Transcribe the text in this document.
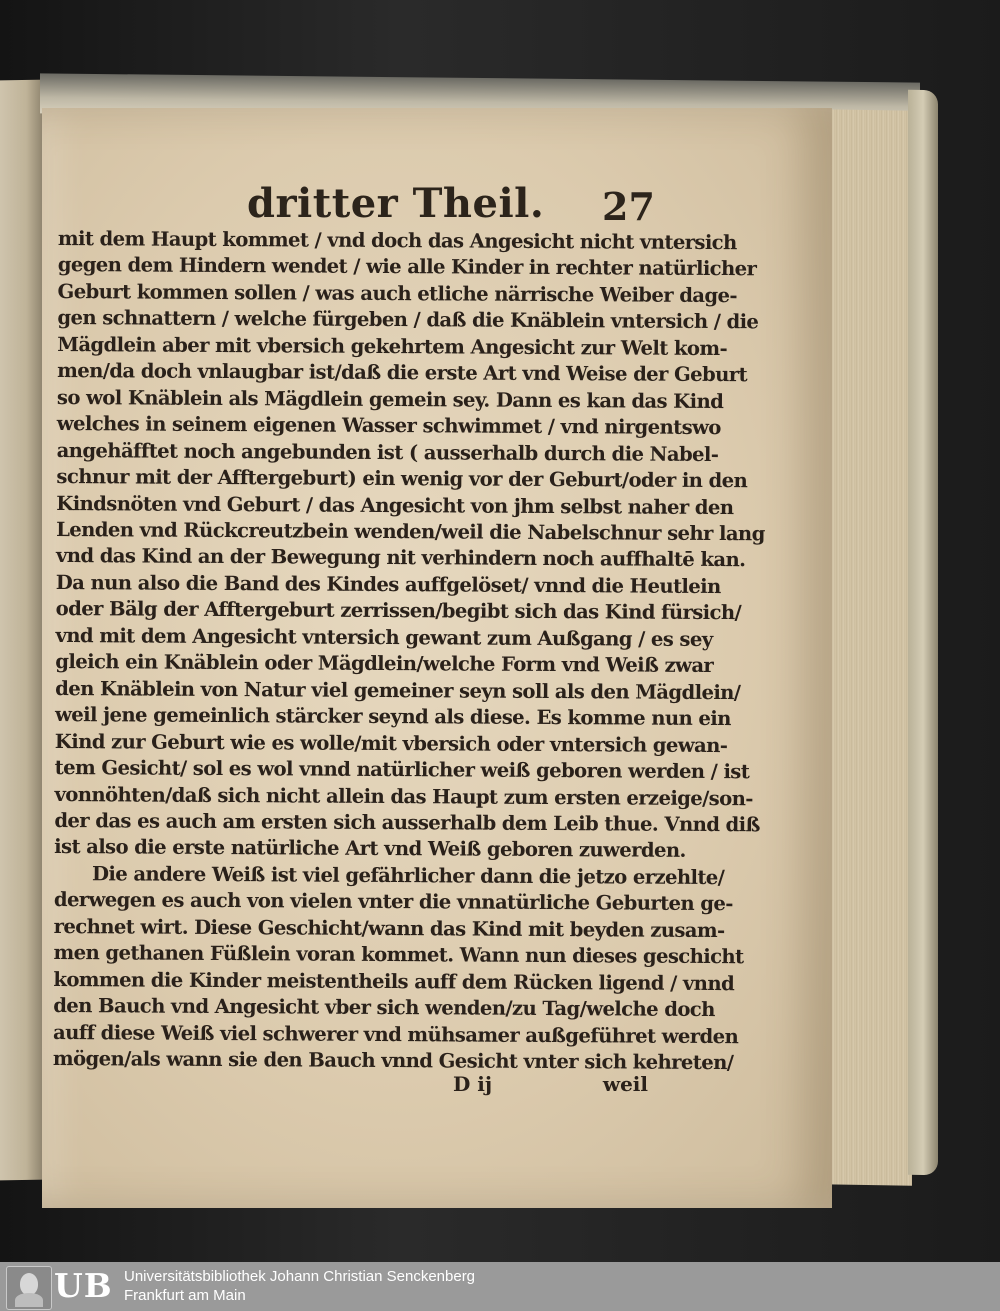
dritter Theil. 27
mit dem Haupt kommet / vnd doch das Angesicht nicht vntersich
gegen dem Hindern wendet / wie alle Kinder in rechter natürlicher
Geburt kommen sollen / was auch etliche närrische Weiber dage-
gen schnattern / welche fürgeben / daß die Knäblein vntersich / die
Mägdlein aber mit vbersich gekehrtem Angesicht zur Welt kom-
men/da doch vnlaugbar ist/daß die erste Art vnd Weise der Geburt
so wol Knäblein als Mägdlein gemein sey. Dann es kan das Kind
welches in seinem eigenen Wasser schwimmet / vnd nirgentswo
angehäfftet noch angebunden ist ( ausserhalb durch die Nabel-
schnur mit der Afftergeburt) ein wenig vor der Geburt/oder in den
Kindsnöten vnd Geburt / das Angesicht von jhm selbst naher den
Lenden vnd Rückcreutzbein wenden/weil die Nabelschnur sehr lang
vnd das Kind an der Bewegung nit verhindern noch auffhaltē kan.
Da nun also die Band des Kindes auffgelöset/ vnnd die Heutlein
oder Bälg der Afftergeburt zerrissen/begibt sich das Kind fürsich/
vnd mit dem Angesicht vntersich gewant zum Außgang / es sey
gleich ein Knäblein oder Mägdlein/welche Form vnd Weiß zwar
den Knäblein von Natur viel gemeiner seyn soll als den Mägdlein/
weil jene gemeinlich stärcker seynd als diese. Es komme nun ein
Kind zur Geburt wie es wolle/mit vbersich oder vntersich gewan-
tem Gesicht/ sol es wol vnnd natürlicher weiß geboren werden / ist
vonnöhten/daß sich nicht allein das Haupt zum ersten erzeige/son-
der das es auch am ersten sich ausserhalb dem Leib thue. Vnnd diß
ist also die erste natürliche Art vnd Weiß geboren zuwerden.
Die andere Weiß ist viel gefährlicher dann die jetzo erzehlte/
derwegen es auch von vielen vnter die vnnatürliche Geburten ge-
rechnet wirt. Diese Geschicht/wann das Kind mit beyden zusam-
men gethanen Füßlein voran kommet. Wann nun dieses geschicht
kommen die Kinder meistentheils auff dem Rücken ligend / vnnd
den Bauch vnd Angesicht vber sich wenden/zu Tag/welche doch
auff diese Weiß viel schwerer vnd mühsamer außgeführet werden
mögen/als wann sie den Bauch vnnd Gesicht vnter sich kehreten/
D ij	weil
UB Universitätsbibliothek Johann Christian Senckenberg
Frankfurt am Main
